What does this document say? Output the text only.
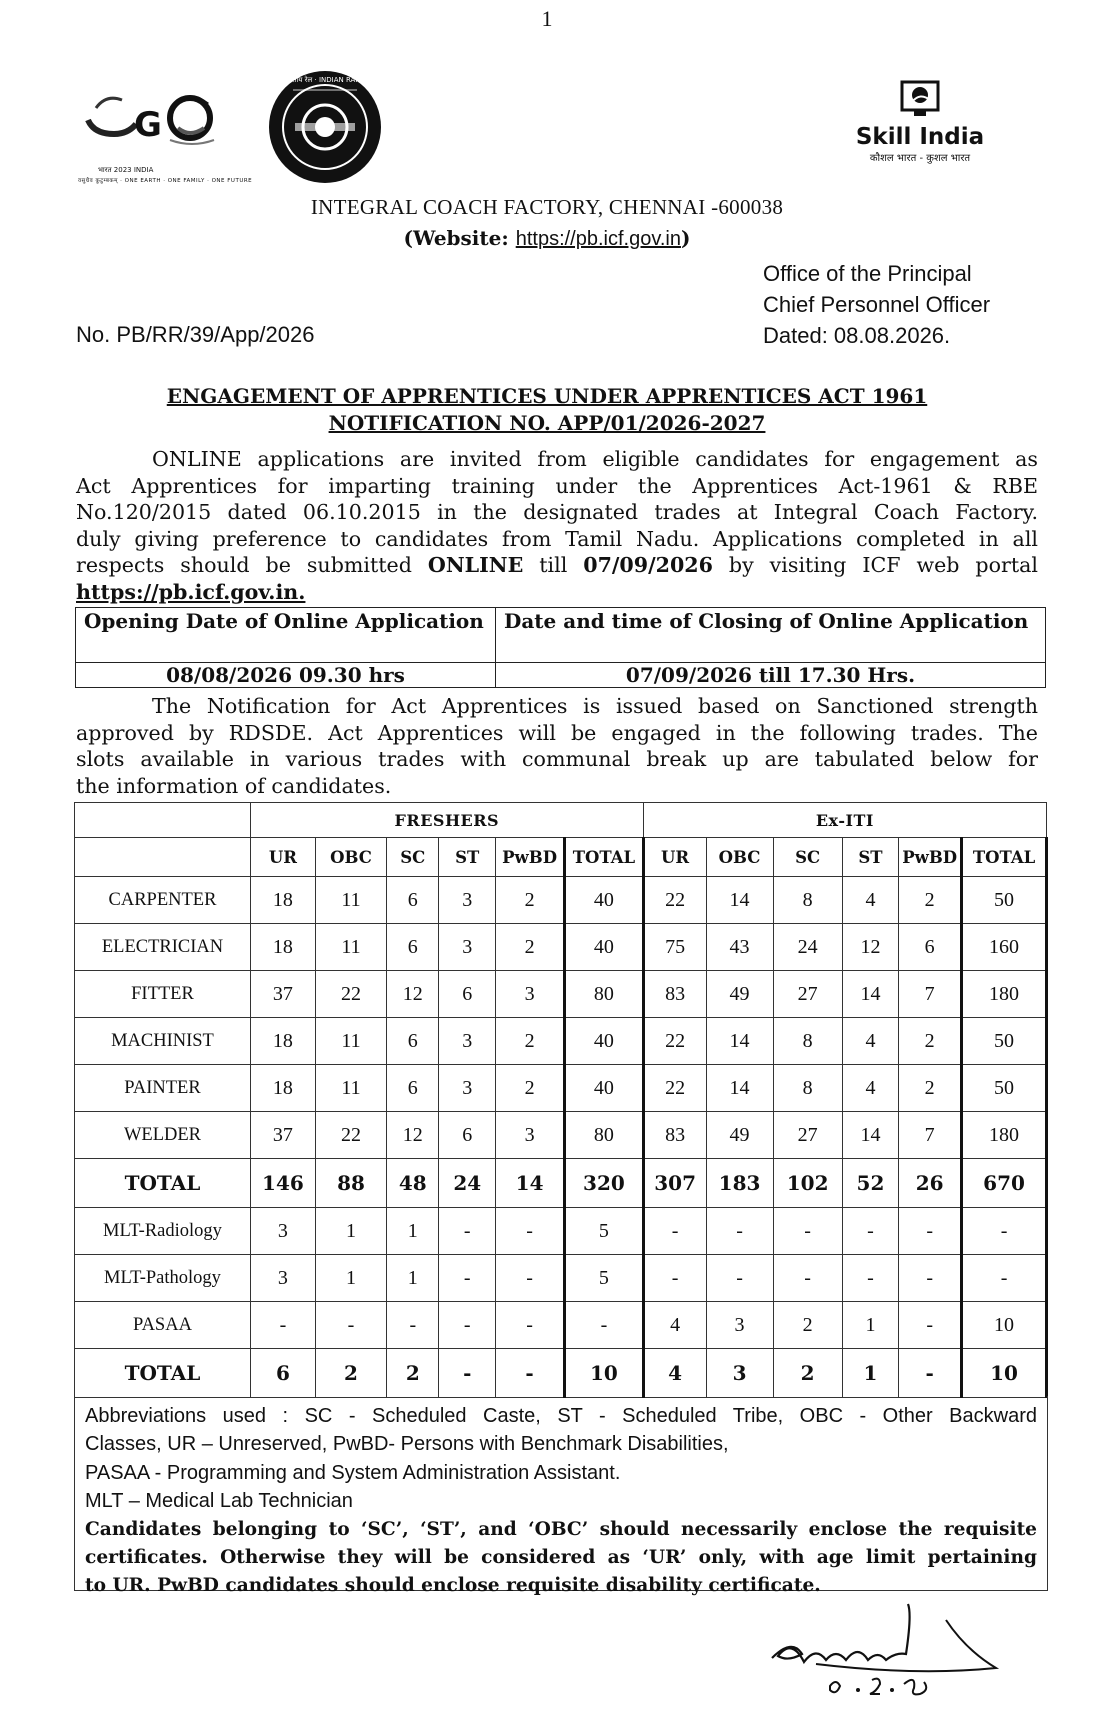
1
G
भारत 2023 INDIA
वसुधैव कुटुम्बकम् · ONE EARTH · ONE FAMILY · ONE FUTURE
भारतीय रेल · INDIAN RAILWAYS
Skill India
कौशल भारत - कुशल भारत
INTEGRAL COACH FACTORY, CHENNAI -600038
(Website: https://pb.icf.gov.in)
Office of the Principal
Chief Personnel Officer
Dated: 08.08.2026.
No. PB/RR/39/App/2026
ENGAGEMENT OF APPRENTICES UNDER APPRENTICES ACT 1961
NOTIFICATION NO. APP/01/2026-2027
ONLINE applications are invited from eligible candidates for engagement as
Act Apprentices for imparting training under the Apprentices Act-1961 & RBE
No.120/2015 dated 06.10.2015 in the designated trades at Integral Coach Factory.
duly giving preference to candidates from Tamil Nadu. Applications completed in all
respects should be submitted ONLINE till 07/09/2026 by visiting ICF web portal
https://pb.icf.gov.in.
Opening Date of Online Application	Date and time of Closing of Online Application
08/08/2026 09.30 hrs	07/09/2026 till 17.30 Hrs.
The Notification for Act Apprentices is issued based on Sanctioned strength
approved by RDSDE. Act Apprentices will be engaged in the following trades. The
slots available in various trades with communal break up are tabulated below for
the information of candidates.
	FRESHERS						Ex-ITI					
	UR	OBC	SC	ST	PwBD	TOTAL	UR	OBC	SC	ST	PwBD	TOTAL
CARPENTER	18	11	6	3	2	40	22	14	8	4	2	50
ELECTRICIAN	18	11	6	3	2	40	75	43	24	12	6	160
FITTER	37	22	12	6	3	80	83	49	27	14	7	180
MACHINIST	18	11	6	3	2	40	22	14	8	4	2	50
PAINTER	18	11	6	3	2	40	22	14	8	4	2	50
WELDER	37	22	12	6	3	80	83	49	27	14	7	180
TOTAL	146	88	48	24	14	320	307	183	102	52	26	670
MLT-Radiology	3	1	1	-	-	5	-	-	-	-	-	-
MLT-Pathology	3	1	1	-	-	5	-	-	-	-	-	-
PASAA	-	-	-	-	-	-	4	3	2	1	-	10
TOTAL	6	2	2	-	-	10	4	3	2	1	-	10
Abbreviations used : SC - Scheduled Caste, ST - Scheduled Tribe, OBC - Other Backward
Classes, UR – Unreserved, PwBD- Persons with Benchmark Disabilities,
PASAA - Programming and System Administration Assistant.
MLT – Medical Lab Technician
Candidates belonging to ‘SC’, ‘ST’, and ‘OBC’ should necessarily enclose the requisite
certificates. Otherwise they will be considered as ‘UR’ only, with age limit pertaining
to UR. PwBD candidates should enclose requisite disability certificate.
